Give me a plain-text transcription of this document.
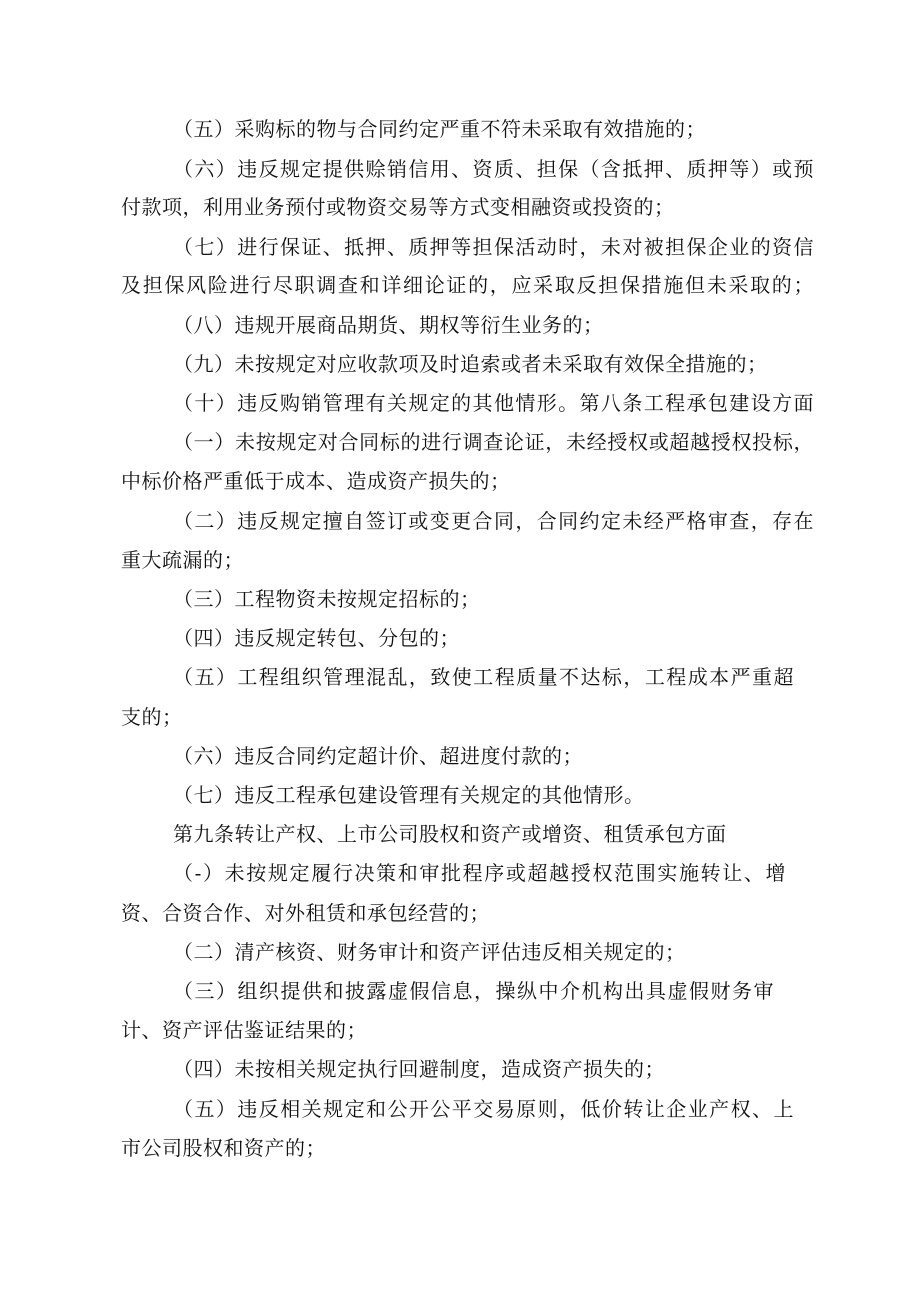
（五）采购标的物与合同约定严重不符未采取有效措施的；
（六）违反规定提供赊销信用、资质、担保（含抵押、质押等）或预
付款项，利用业务预付或物资交易等方式变相融资或投资的；
（七）进行保证、抵押、质押等担保活动时，未对被担保企业的资信
及担保风险进行尽职调查和详细论证的，应采取反担保措施但未采取的；
（八）违规开展商品期货、期权等衍生业务的；
（九）未按规定对应收款项及时追索或者未采取有效保全措施的；
（十）违反购销管理有关规定的其他情形。第八条工程承包建设方面
（一）未按规定对合同标的进行调查论证，未经授权或超越授权投标，
中标价格严重低于成本、造成资产损失的；
（二）违反规定擅自签订或变更合同，合同约定未经严格审查，存在
重大疏漏的；
（三）工程物资未按规定招标的；
（四）违反规定转包、分包的；
（五）工程组织管理混乱，致使工程质量不达标，工程成本严重超
支的；
（六）违反合同约定超计价、超进度付款的；
（七）违反工程承包建设管理有关规定的其他情形。
第九条转让产权、上市公司股权和资产或增资、租赁承包方面
（-）未按规定履行决策和审批程序或超越授权范围实施转让、增
资、合资合作、对外租赁和承包经营的；
（二）清产核资、财务审计和资产评估违反相关规定的；
（三）组织提供和披露虚假信息，操纵中介机构出具虚假财务审
计、资产评估鉴证结果的；
（四）未按相关规定执行回避制度，造成资产损失的；
（五）违反相关规定和公开公平交易原则，低价转让企业产权、上
市公司股权和资产的；
